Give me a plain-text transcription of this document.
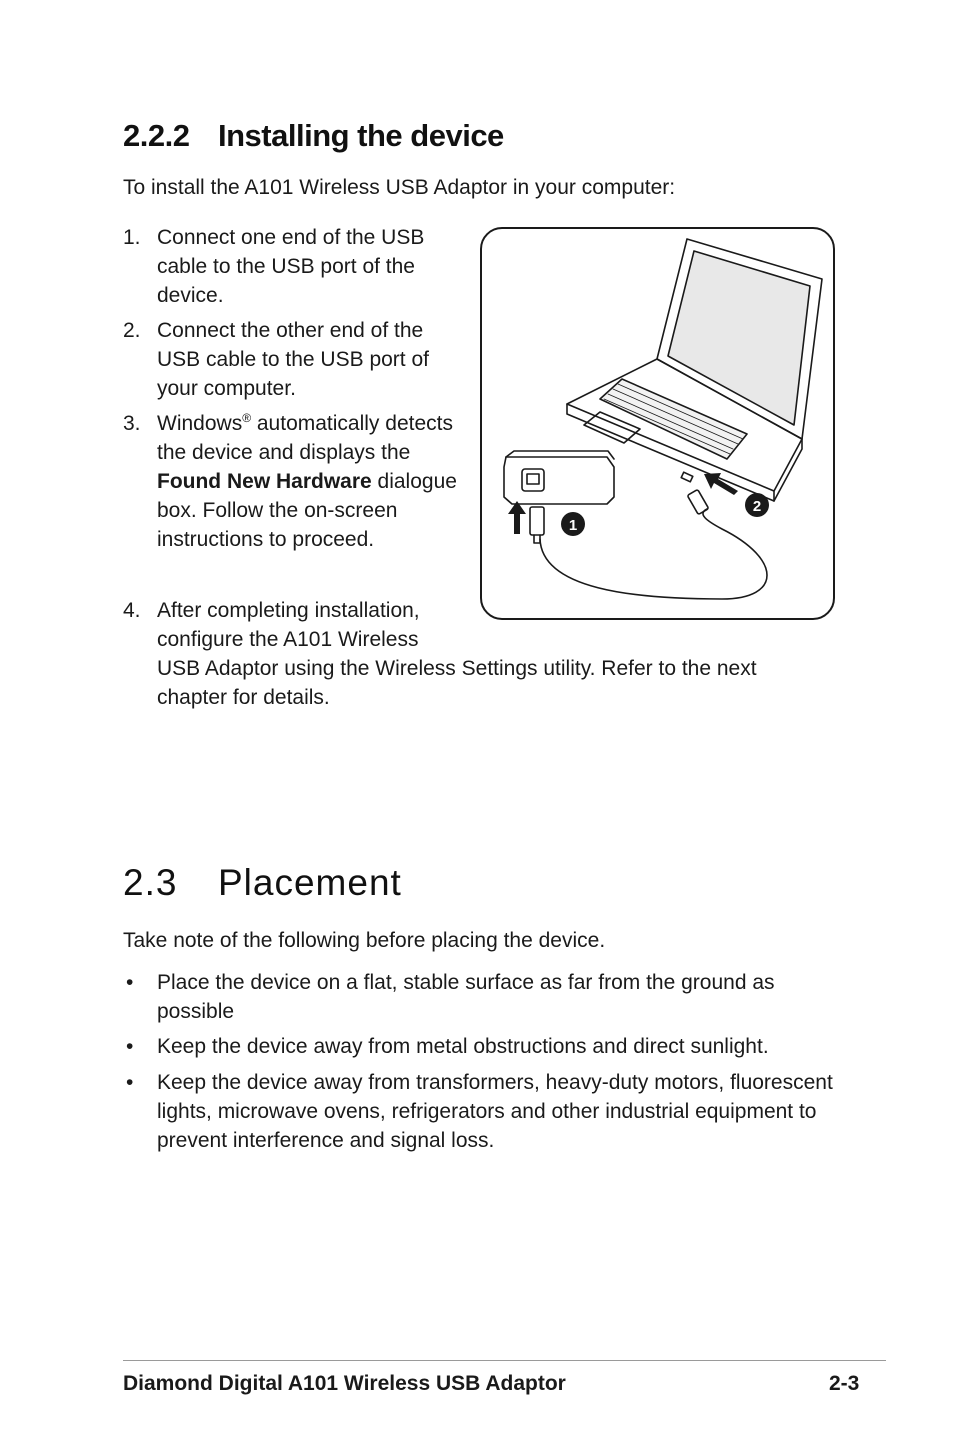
2.2.2 Installing the device
To install the A101 Wireless USB Adaptor in your computer:
1. Connect one end of the USB cable to the USB port of the device.
2. Connect the other end of the USB cable to the USB port of your computer.
3. Windows® automatically detects the device and displays the Found New Hardware dialogue box. Follow the on-screen instructions to proceed.
4. After completing installation, configure the A101 Wireless
USB Adaptor using the Wireless Settings utility. Refer to the next chapter for details.
1
2
2.3 Placement
Take note of the following before placing the device.
• Place the device on a flat, stable surface as far from the ground as possible
• Keep the device away from metal obstructions and direct sunlight.
• Keep the device away from transformers, heavy-duty motors, fluorescent lights, microwave ovens, refrigerators and other industrial equipment to prevent interference and signal loss.
Diamond Digital A101 Wireless USB Adaptor	2-3
